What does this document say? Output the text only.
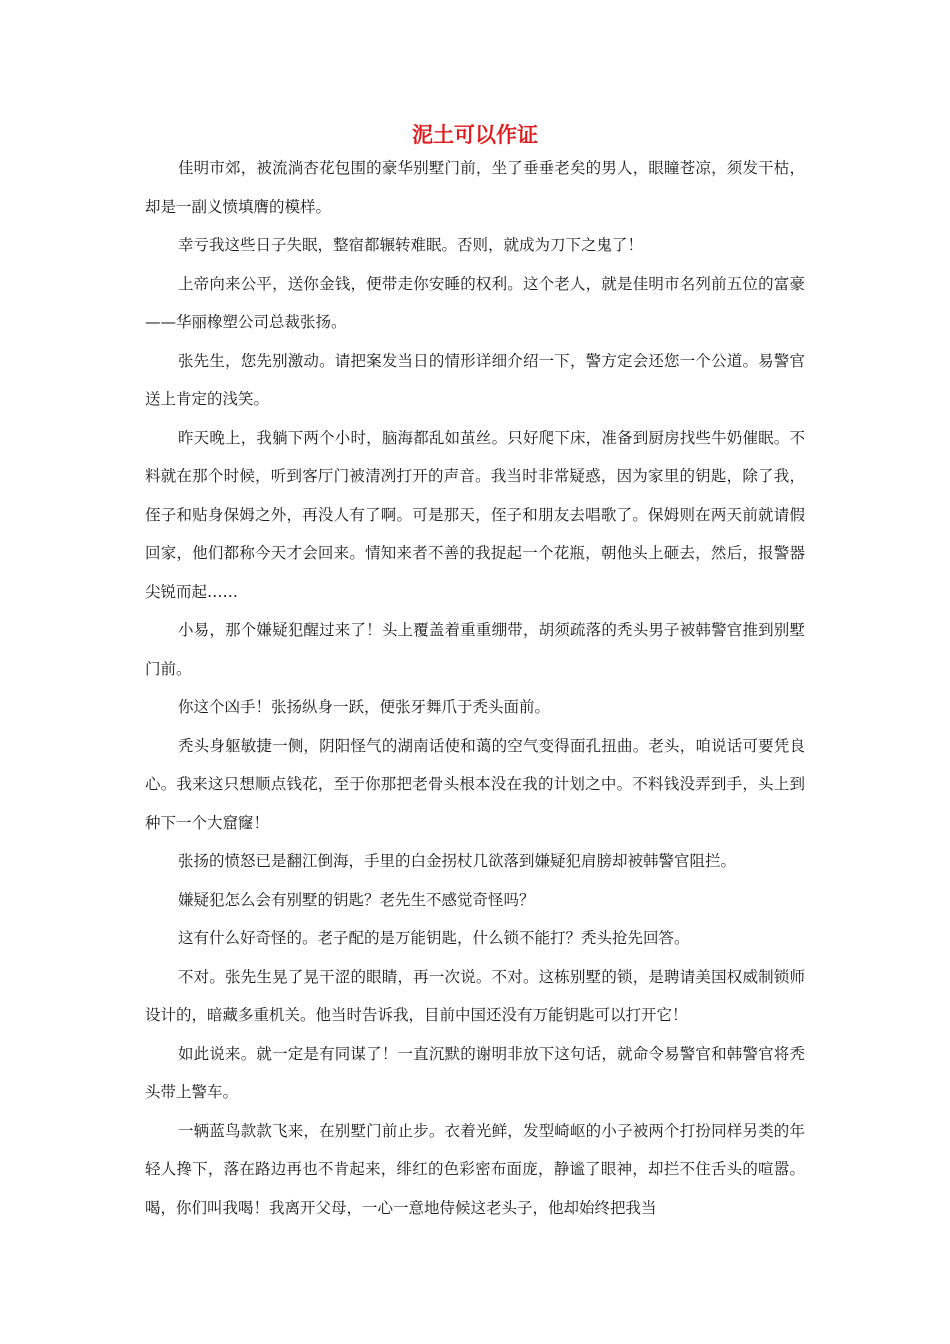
泥土可以作证

佳明市郊，被流淌杏花包围的豪华别墅门前，坐了垂垂老矣的男人，眼瞳苍凉，须发干枯，却是一副义愤填膺的模样。

幸亏我这些日子失眠，整宿都辗转难眠。否则，就成为刀下之鬼了！

上帝向来公平，送你金钱，便带走你安睡的权利。这个老人，就是佳明市名列前五位的富豪——华丽橡塑公司总裁张扬。

张先生，您先别激动。请把案发当日的情形详细介绍一下，警方定会还您一个公道。易警官送上肯定的浅笑。

昨天晚上，我躺下两个小时，脑海都乱如茧丝。只好爬下床，准备到厨房找些牛奶催眠。不料就在那个时候，听到客厅门被清冽打开的声音。我当时非常疑惑，因为家里的钥匙，除了我，侄子和贴身保姆之外，再没人有了啊。可是那天，侄子和朋友去唱歌了。保姆则在两天前就请假回家，他们都称今天才会回来。情知来者不善的我捉起一个花瓶，朝他头上砸去，然后，报警器尖锐而起……

小易，那个嫌疑犯醒过来了！头上覆盖着重重绷带，胡须疏落的秃头男子被韩警官推到别墅门前。

你这个凶手！张扬纵身一跃，便张牙舞爪于秃头面前。

秃头身躯敏捷一侧，阴阳怪气的湖南话使和蔼的空气变得面孔扭曲。老头，咱说话可要凭良心。我来这只想顺点钱花，至于你那把老骨头根本没在我的计划之中。不料钱没弄到手，头上到种下一个大窟窿！

张扬的愤怒已是翻江倒海，手里的白金拐杖几欲落到嫌疑犯肩膀却被韩警官阻拦。

嫌疑犯怎么会有别墅的钥匙？老先生不感觉奇怪吗？

这有什么好奇怪的。老子配的是万能钥匙，什么锁不能打？秃头抢先回答。

不对。张先生晃了晃干涩的眼睛，再一次说。不对。这栋别墅的锁，是聘请美国权威制锁师设计的，暗藏多重机关。他当时告诉我，目前中国还没有万能钥匙可以打开它！

如此说来。就一定是有同谋了！一直沉默的谢明非放下这句话，就命令易警官和韩警官将秃头带上警车。

一辆蓝鸟款款飞来，在别墅门前止步。衣着光鲜，发型崎岖的小子被两个打扮同样另类的年轻人搀下，落在路边再也不肯起来，绯红的色彩密布面庞，静谧了眼神，却拦不住舌头的喧嚣。喝，你们叫我喝！我离开父母，一心一意地侍候这老头子，他却始终把我当
